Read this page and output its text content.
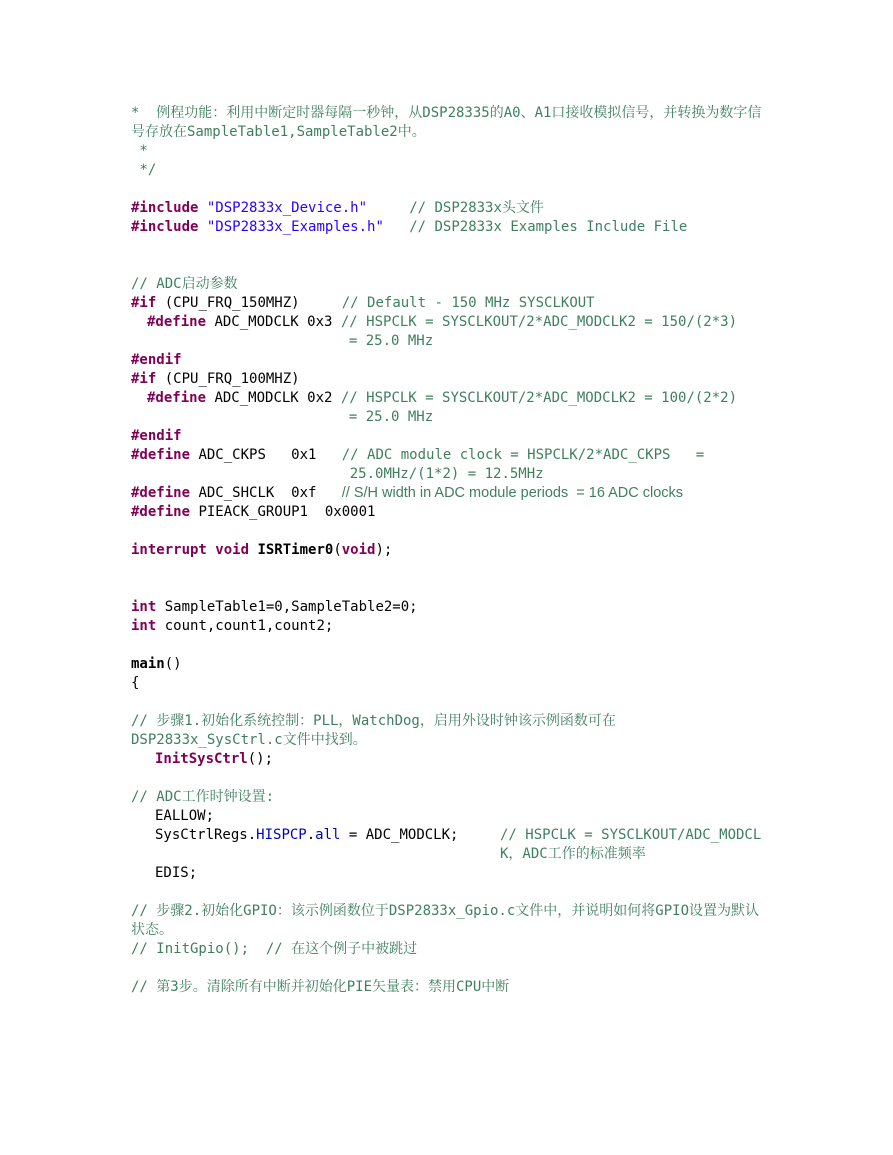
*  例程功能：利用中断定时器每隔一秒钟，从DSP28335的A0、A1口接收模拟信号，并转换为数字信号存放在SampleTable1,SampleTable2中。
*
*/
#include "DSP2833x_Device.h"	// DSP2833x头文件
#include "DSP2833x_Examples.h" // DSP2833x Examples Include File
// ADC启动参数
#if (CPU_FRQ_150MHZ)	// Default - 150 MHz SYSCLKOUT
#define ADC_MODCLK 0x3 // HSPCLK = SYSCLKOUT/2*ADC_MODCLK2 = 150/(2*3)
= 25.0 MHz
#endif
#if (CPU_FRQ_100MHZ)
#define ADC_MODCLK 0x2 // HSPCLK = SYSCLKOUT/2*ADC_MODCLK2 = 100/(2*2)
= 25.0 MHz
#endif
#define ADC_CKPS   0x1 // ADC module clock = HSPCLK/2*ADC_CKPS   =
25.0MHz/(1*2) = 12.5MHz
#define ADC_SHCLK  0xf   // S/H width in ADC module periods  = 16 ADC clocks
#define PIEACK_GROUP1  0x0001
interrupt void ISRTimer0(void);
int SampleTable1=0,SampleTable2=0;
int count,count1,count2;
main()
{
// 步骤1.初始化系统控制：PLL，WatchDog，启用外设时钟该示例函数可在DSP2833x_SysCtrl.c文件中找到。
InitSysCtrl();
// ADC工作时钟设置:
EALLOW;
SysCtrlRegs.HISPCP.all = ADC_MODCLK;	// HSPCLK = SYSCLKOUT/ADC_MODCLK，ADC工作的标准频率
EDIS;
// 步骤2.初始化GPIO：该示例函数位于DSP2833x_Gpio.c文件中，并说明如何将GPIO设置为默认状态。
// InitGpio();  // 在这个例子中被跳过
// 第3步。清除所有中断并初始化PIE矢量表：禁用CPU中断
